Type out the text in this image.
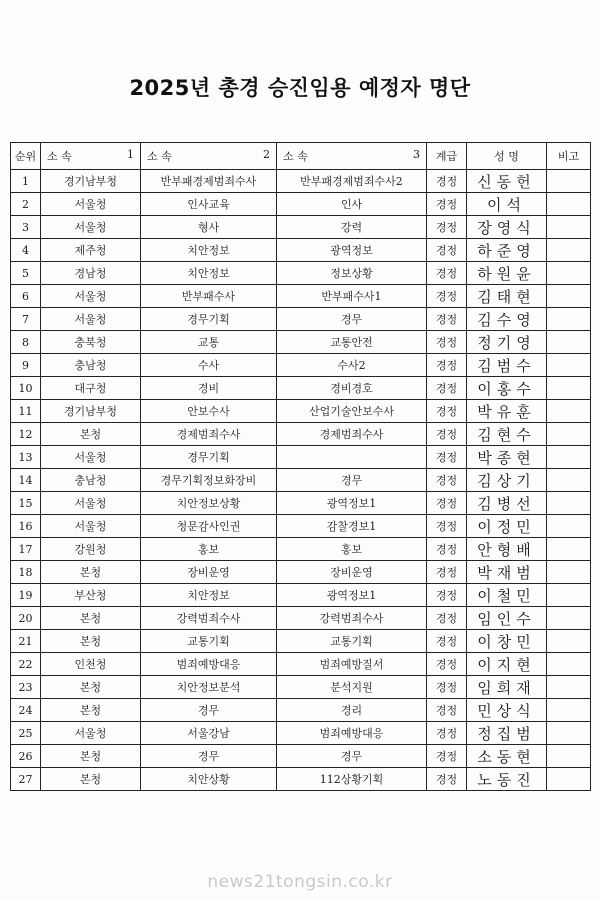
2025년 총경 승진임용 예정자 명단
순위	소 속 1	소 속 2	소 속 3	계급	성 명	비고
1	경기남부청	반부패경제범죄수사	반부패경제범죄수사2	경정	신동헌	
2	서울청	인사교육	인사	경정	이석	
3	서울청	형사	강력	경정	장영식	
4	제주청	치안정보	광역정보	경정	하준영	
5	경남청	치안정보	정보상황	경정	하원윤	
6	서울청	반부패수사	반부패수사1	경정	김태현	
7	서울청	경무기획	경무	경정	김수영	
8	충북청	교통	교통안전	경정	정기영	
9	충남청	수사	수사2	경정	김범수	
10	대구청	경비	경비경호	경정	이홍수	
11	경기남부청	안보수사	산업기술안보수사	경정	박유훈	
12	본청	경제범죄수사	경제범죄수사	경정	김현수	
13	서울청	경무기획		경정	박종현	
14	충남청	경무기획정보화장비	경무	경정	김상기	
15	서울청	치안정보상황	광역정보1	경정	김병선	
16	서울청	청문감사인권	감찰경보1	경정	이정민	
17	강원청	홍보	홍보	경정	안형배	
18	본청	장비운영	장비운영	경정	박재범	
19	부산청	치안정보	광역정보1	경정	이철민	
20	본청	강력범죄수사	강력범죄수사	경정	임인수	
21	본청	교통기획	교통기획	경정	이창민	
22	인천청	범죄예방대응	범죄예방질서	경정	이지현	
23	본청	치안정보분석	분석지원	경정	임희재	
24	본청	경무	경리	경정	민상식	
25	서울청	서울강남	범죄예방대응	경정	정집범	
26	본청	경무	경무	경정	소동현	
27	본청	치안상황	112상황기획	경정	노동진	
news21tongsin.co.kr
